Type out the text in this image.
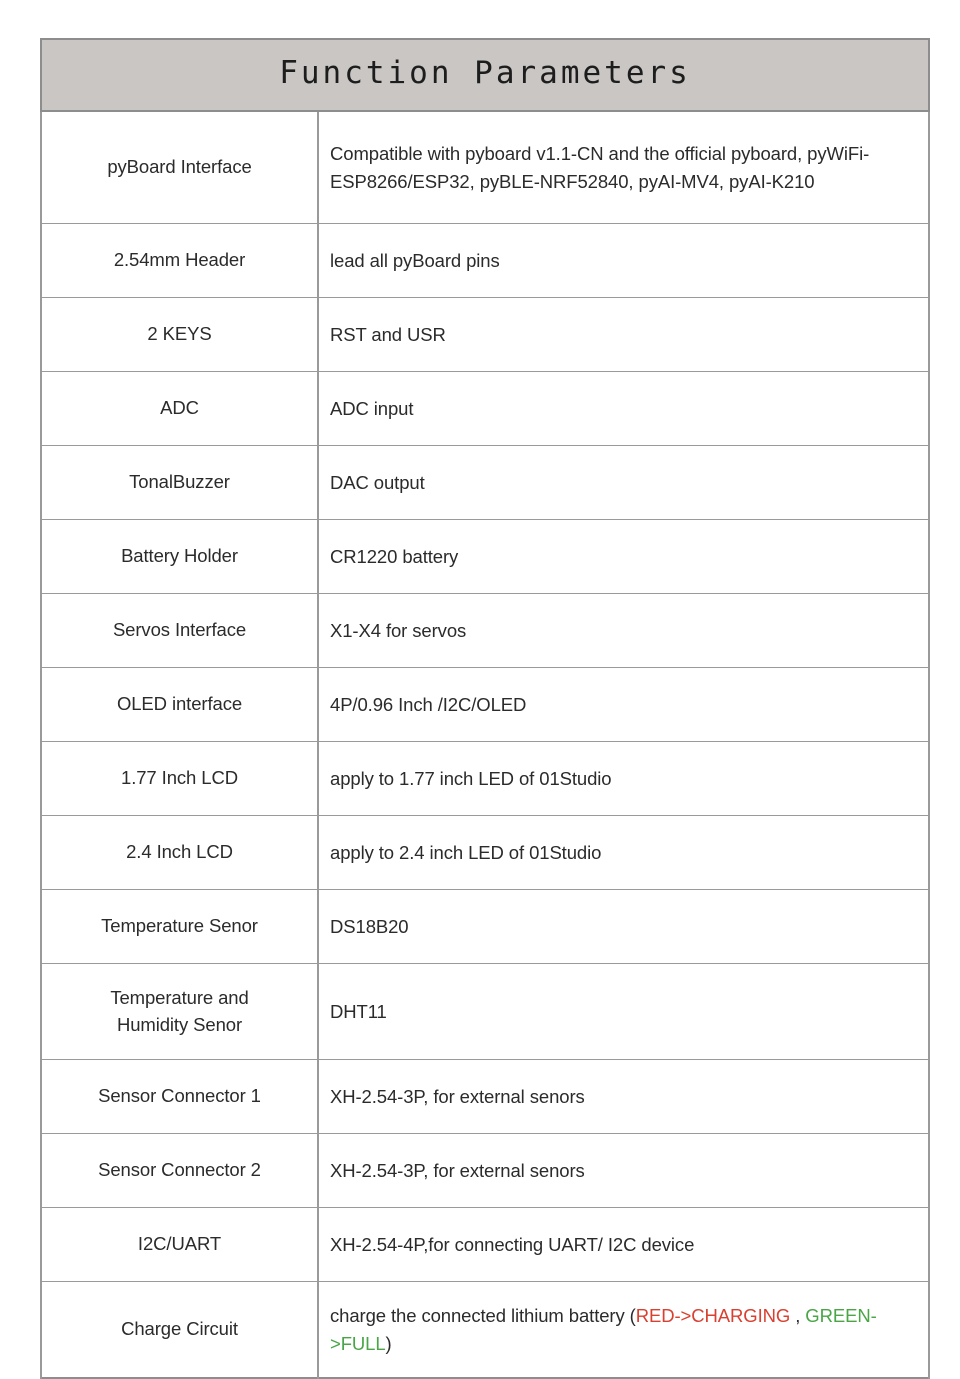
Function Parameters	
pyBoard Interface	Compatible with pyboard v1.1-CN and the official pyboard, pyWiFi-ESP8266/ESP32, pyBLE-NRF52840, pyAI-MV4, pyAI-K210
2.54mm Header	lead all pyBoard pins
2 KEYS	RST and USR
ADC	ADC input
TonalBuzzer	DAC output
Battery Holder	CR1220 battery
Servos Interface	X1-X4 for servos
OLED interface	4P/0.96 Inch /I2C/OLED
1.77 Inch LCD	apply to 1.77 inch LED of 01Studio
2.4 Inch LCD	apply to 2.4 inch LED of 01Studio
Temperature Senor	DS18B20

Temperature and
Humidity Senor	DHT11
Sensor Connector 1	XH-2.54-3P, for external senors
Sensor Connector 2	XH-2.54-3P, for external senors
I2C/UART	XH-2.54-4P,for connecting UART/ I2C device
Charge Circuit	charge the connected lithium battery (RED->CHARGING , GREEN->FULL)
